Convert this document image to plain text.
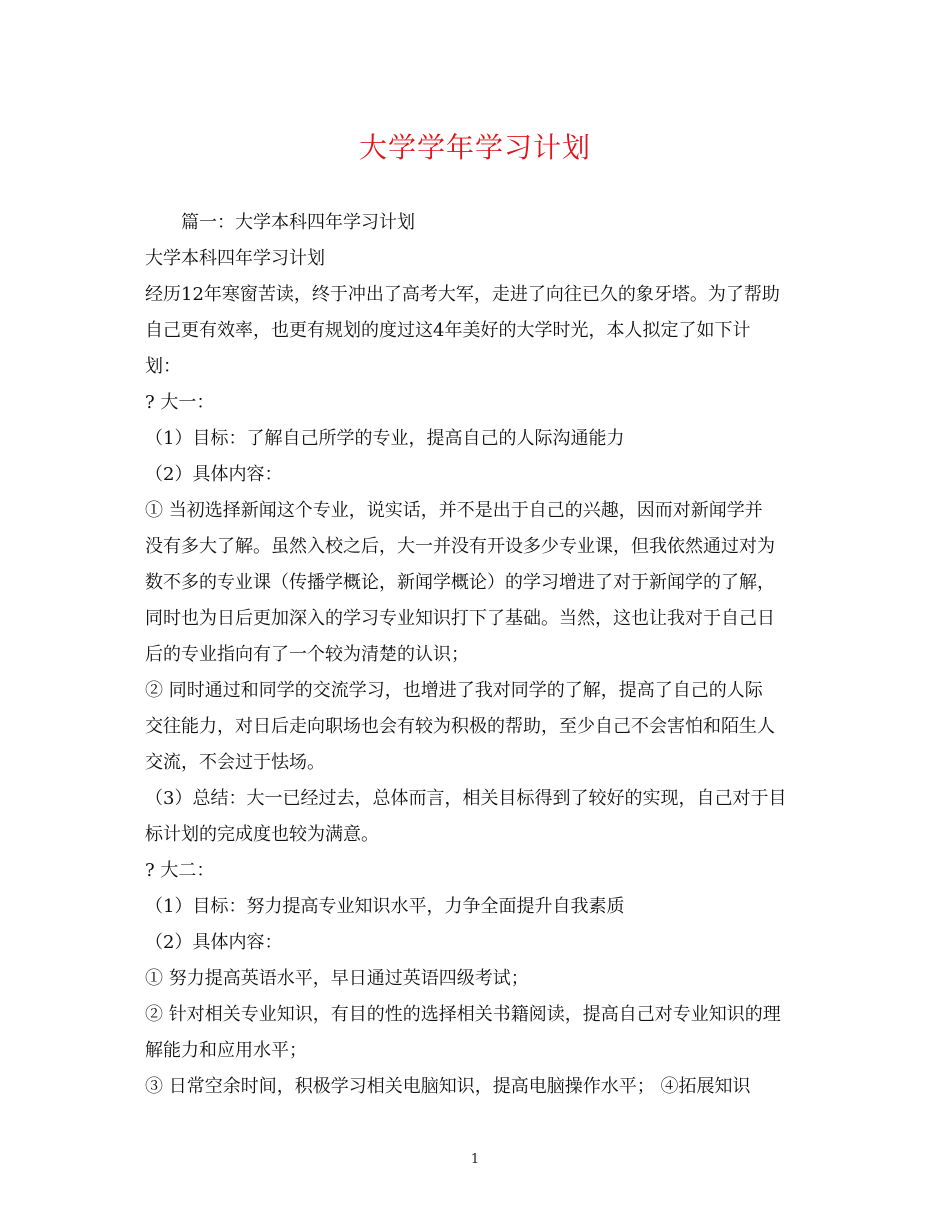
大学学年学习计划

　　篇一：大学本科四年学习计划

大学本科四年学习计划

经历12年寒窗苦读，终于冲出了高考大军，走进了向往已久的象牙塔。为了帮助

自己更有效率，也更有规划的度过这4年美好的大学时光，本人拟定了如下计

划：

? 大一：

（1）目标：了解自己所学的专业，提高自己的人际沟通能力

（2）具体内容：

① 当初选择新闻这个专业，说实话，并不是出于自己的兴趣，因而对新闻学并

没有多大了解。虽然入校之后，大一并没有开设多少专业课，但我依然通过对为

数不多的专业课（传播学概论，新闻学概论）的学习增进了对于新闻学的了解，

同时也为日后更加深入的学习专业知识打下了基础。当然，这也让我对于自己日

后的专业指向有了一个较为清楚的认识；

② 同时通过和同学的交流学习，也增进了我对同学的了解，提高了自己的人际

交往能力，对日后走向职场也会有较为积极的帮助，至少自己不会害怕和陌生人

交流，不会过于怯场。

（3）总结：大一已经过去，总体而言，相关目标得到了较好的实现，自己对于目

标计划的完成度也较为满意。

? 大二：

（1）目标：努力提高专业知识水平，力争全面提升自我素质

（2）具体内容：

① 努力提高英语水平，早日通过英语四级考试；

② 针对相关专业知识，有目的性的选择相关书籍阅读，提高自己对专业知识的理

解能力和应用水平；

③ 日常空余时间，积极学习相关电脑知识，提高电脑操作水平； ④拓展知识

1
